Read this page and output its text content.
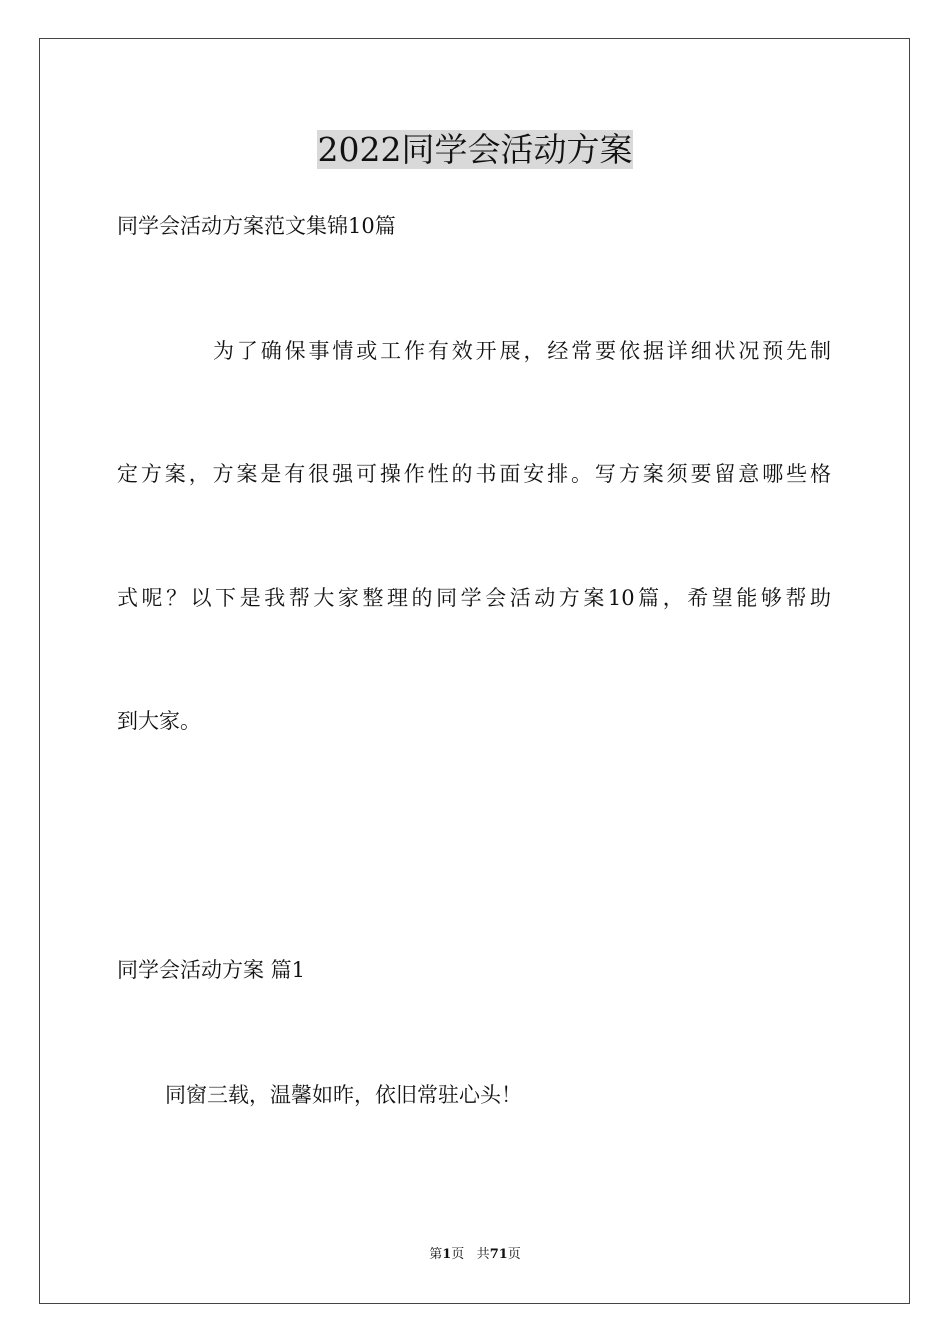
2022同学会活动方案
同学会活动方案范文集锦10篇
为了确保事情或工作有效开展，经常要依据详细状况预先制
定方案，方案是有很强可操作性的书面安排。写方案须要留意哪些格
式呢？以下是我帮大家整理的同学会活动方案10篇，希望能够帮助
到大家。
同学会活动方案 篇1
同窗三载，温馨如昨，依旧常驻心头！
第1页 共71页
